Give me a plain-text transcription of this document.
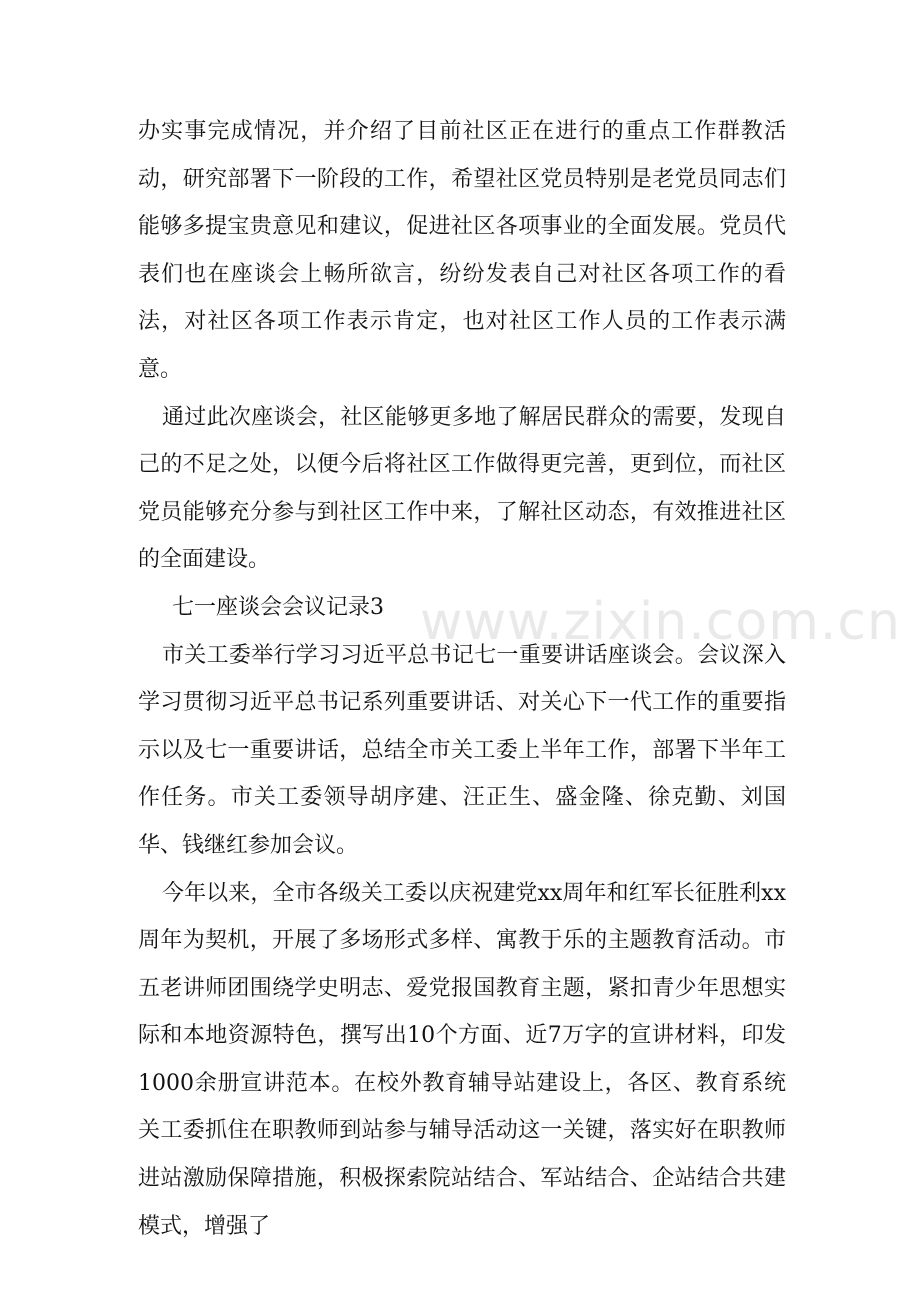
办实事完成情况，并介绍了目前社区正在进行的重点工作群教活动，研究部署下一阶段的工作，希望社区党员特别是老党员同志们能够多提宝贵意见和建议，促进社区各项事业的全面发展。党员代表们也在座谈会上畅所欲言，纷纷发表自己对社区各项工作的看法，对社区各项工作表示肯定，也对社区工作人员的工作表示满意。

通过此次座谈会，社区能够更多地了解居民群众的需要，发现自己的不足之处，以便今后将社区工作做得更完善，更到位，而社区党员能够充分参与到社区工作中来，了解社区动态，有效推进社区的全面建设。

七一座谈会会议记录3

市关工委举行学习习近平总书记七一重要讲话座谈会。会议深入学习贯彻习近平总书记系列重要讲话、对关心下一代工作的重要指示以及七一重要讲话，总结全市关工委上半年工作，部署下半年工作任务。市关工委领导胡序建、汪正生、盛金隆、徐克勤、刘国华、钱继红参加会议。

今年以来，全市各级关工委以庆祝建党xx周年和红军长征胜利xx周年为契机，开展了多场形式多样、寓教于乐的主题教育活动。市五老讲师团围绕学史明志、爱党报国教育主题，紧扣青少年思想实际和本地资源特色，撰写出10个方面、近7万字的宣讲材料，印发1000余册宣讲范本。在校外教育辅导站建设上，各区、教育系统关工委抓住在职教师到站参与辅导活动这一关键，落实好在职教师进站激励保障措施，积极探索院站结合、军站结合、企站结合共建模式，增强了

www.zixin.com.cn
